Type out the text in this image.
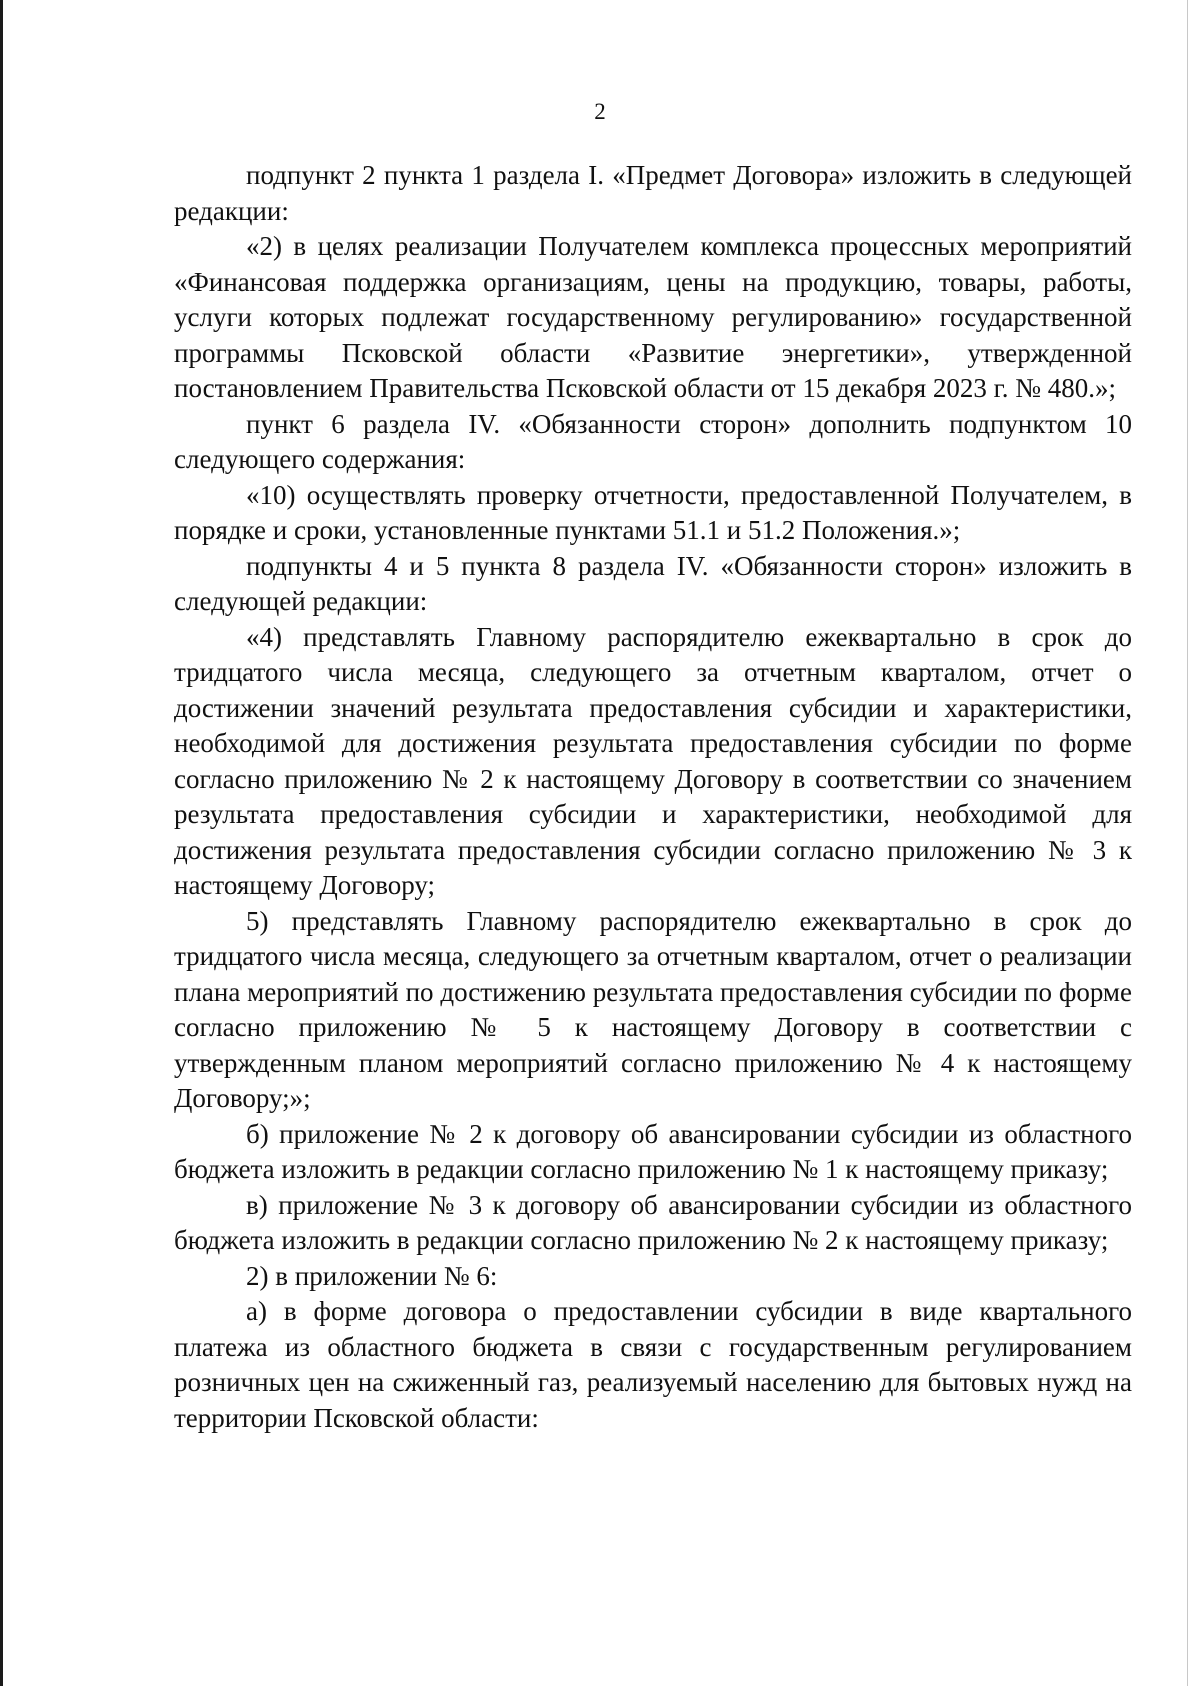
2

подпункт 2 пункта 1 раздела I. «Предмет Договора» изложить в следующей редакции:

«2) в целях реализации Получателем комплекса процессных мероприятий «Финансовая поддержка организациям, цены на продукцию, товары, работы, услуги которых подлежат государственному регулированию» государственной программы Псковской области «Развитие энергетики», утвержденной постановлением Правительства Псковской области от 15 декабря 2023 г. № 480.»;

пункт 6 раздела IV. «Обязанности сторон» дополнить подпунктом 10 следующего содержания:

«10) осуществлять проверку отчетности, предоставленной Получателем, в порядке и сроки, установленные пунктами 51.1 и 51.2 Положения.»;

подпункты 4 и 5 пункта 8 раздела IV. «Обязанности сторон» изложить в следующей редакции:

«4) представлять Главному распорядителю ежеквартально в срок до тридцатого числа месяца, следующего за отчетным кварталом, отчет о достижении значений результата предоставления субсидии и характеристики, необходимой для достижения результата предоставления субсидии по форме согласно приложению № 2 к настоящему Договору в соответствии со значением результата предоставления субсидии и характеристики, необходимой для достижения результата предоставления субсидии согласно приложению № 3 к настоящему Договору;

5) представлять Главному распорядителю ежеквартально в срок до тридцатого числа месяца, следующего за отчетным кварталом, отчет о реализации плана мероприятий по достижению результата предоставления субсидии по форме согласно приложению № 5 к настоящему Договору в соответствии с утвержденным планом мероприятий согласно приложению № 4 к настоящему Договору;»;

б) приложение № 2 к договору об авансировании субсидии из областного бюджета изложить в редакции согласно приложению № 1 к настоящему приказу;

в) приложение № 3 к договору об авансировании субсидии из областного бюджета изложить в редакции согласно приложению № 2 к настоящему приказу;

2) в приложении № 6:

а) в форме договора о предоставлении субсидии в виде квартального платежа из областного бюджета в связи с государственным регулированием розничных цен на сжиженный газ, реализуемый населению для бытовых нужд на территории Псковской области:
